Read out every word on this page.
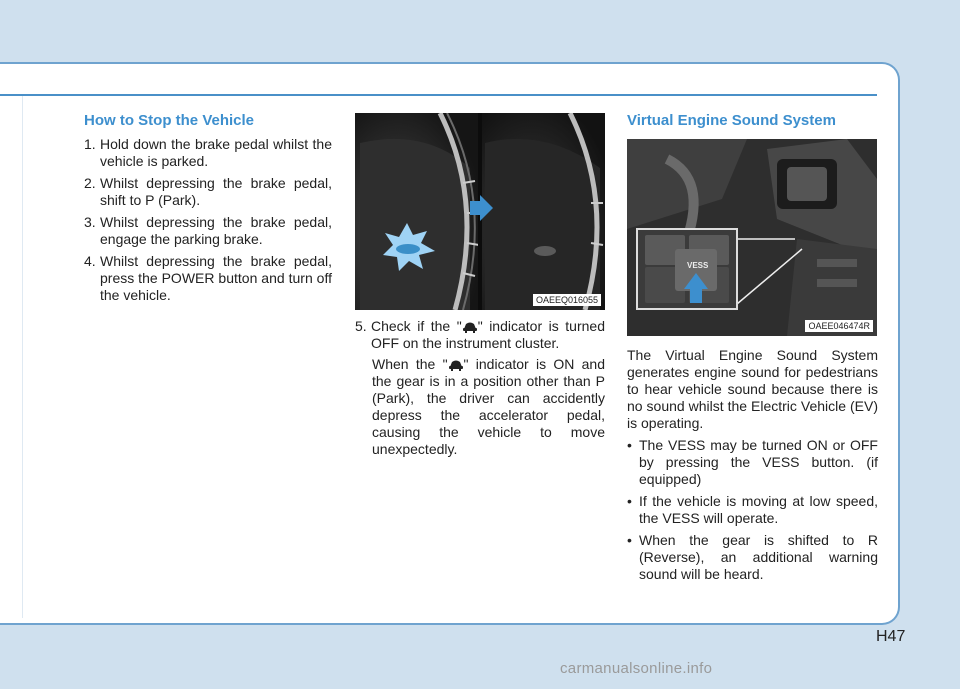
How to Stop the Vehicle
1. Hold down the brake pedal whilst the vehicle is parked.
2. Whilst depressing the brake pedal, shift to P (Park).
3. Whilst depressing the brake pedal, engage the parking brake.
4. Whilst depressing the brake pedal, press the POWER button and turn off the vehicle.	OAEEQ016055
5. Check if the " " indicator is turned OFF on the instrument cluster.
When the " " indicator is ON and the gear is in a position other than P (Park), the driver can accidently depress the accelerator pedal, causing the vehicle to move unexpectedly.
Virtual Engine Sound System
VESS
OAEE046474R
The Virtual Engine Sound System generates engine sound for pedestrians to hear vehicle sound because there is no sound whilst the Electric Vehicle (EV) is operating.
• The VESS may be turned ON or OFF by pressing the VESS button. (if equipped)
• If the vehicle is moving at low speed, the VESS will operate.
• When the gear is shifted to R (Reverse), an additional warning sound will be heard.
H47
carmanualsonline.info
